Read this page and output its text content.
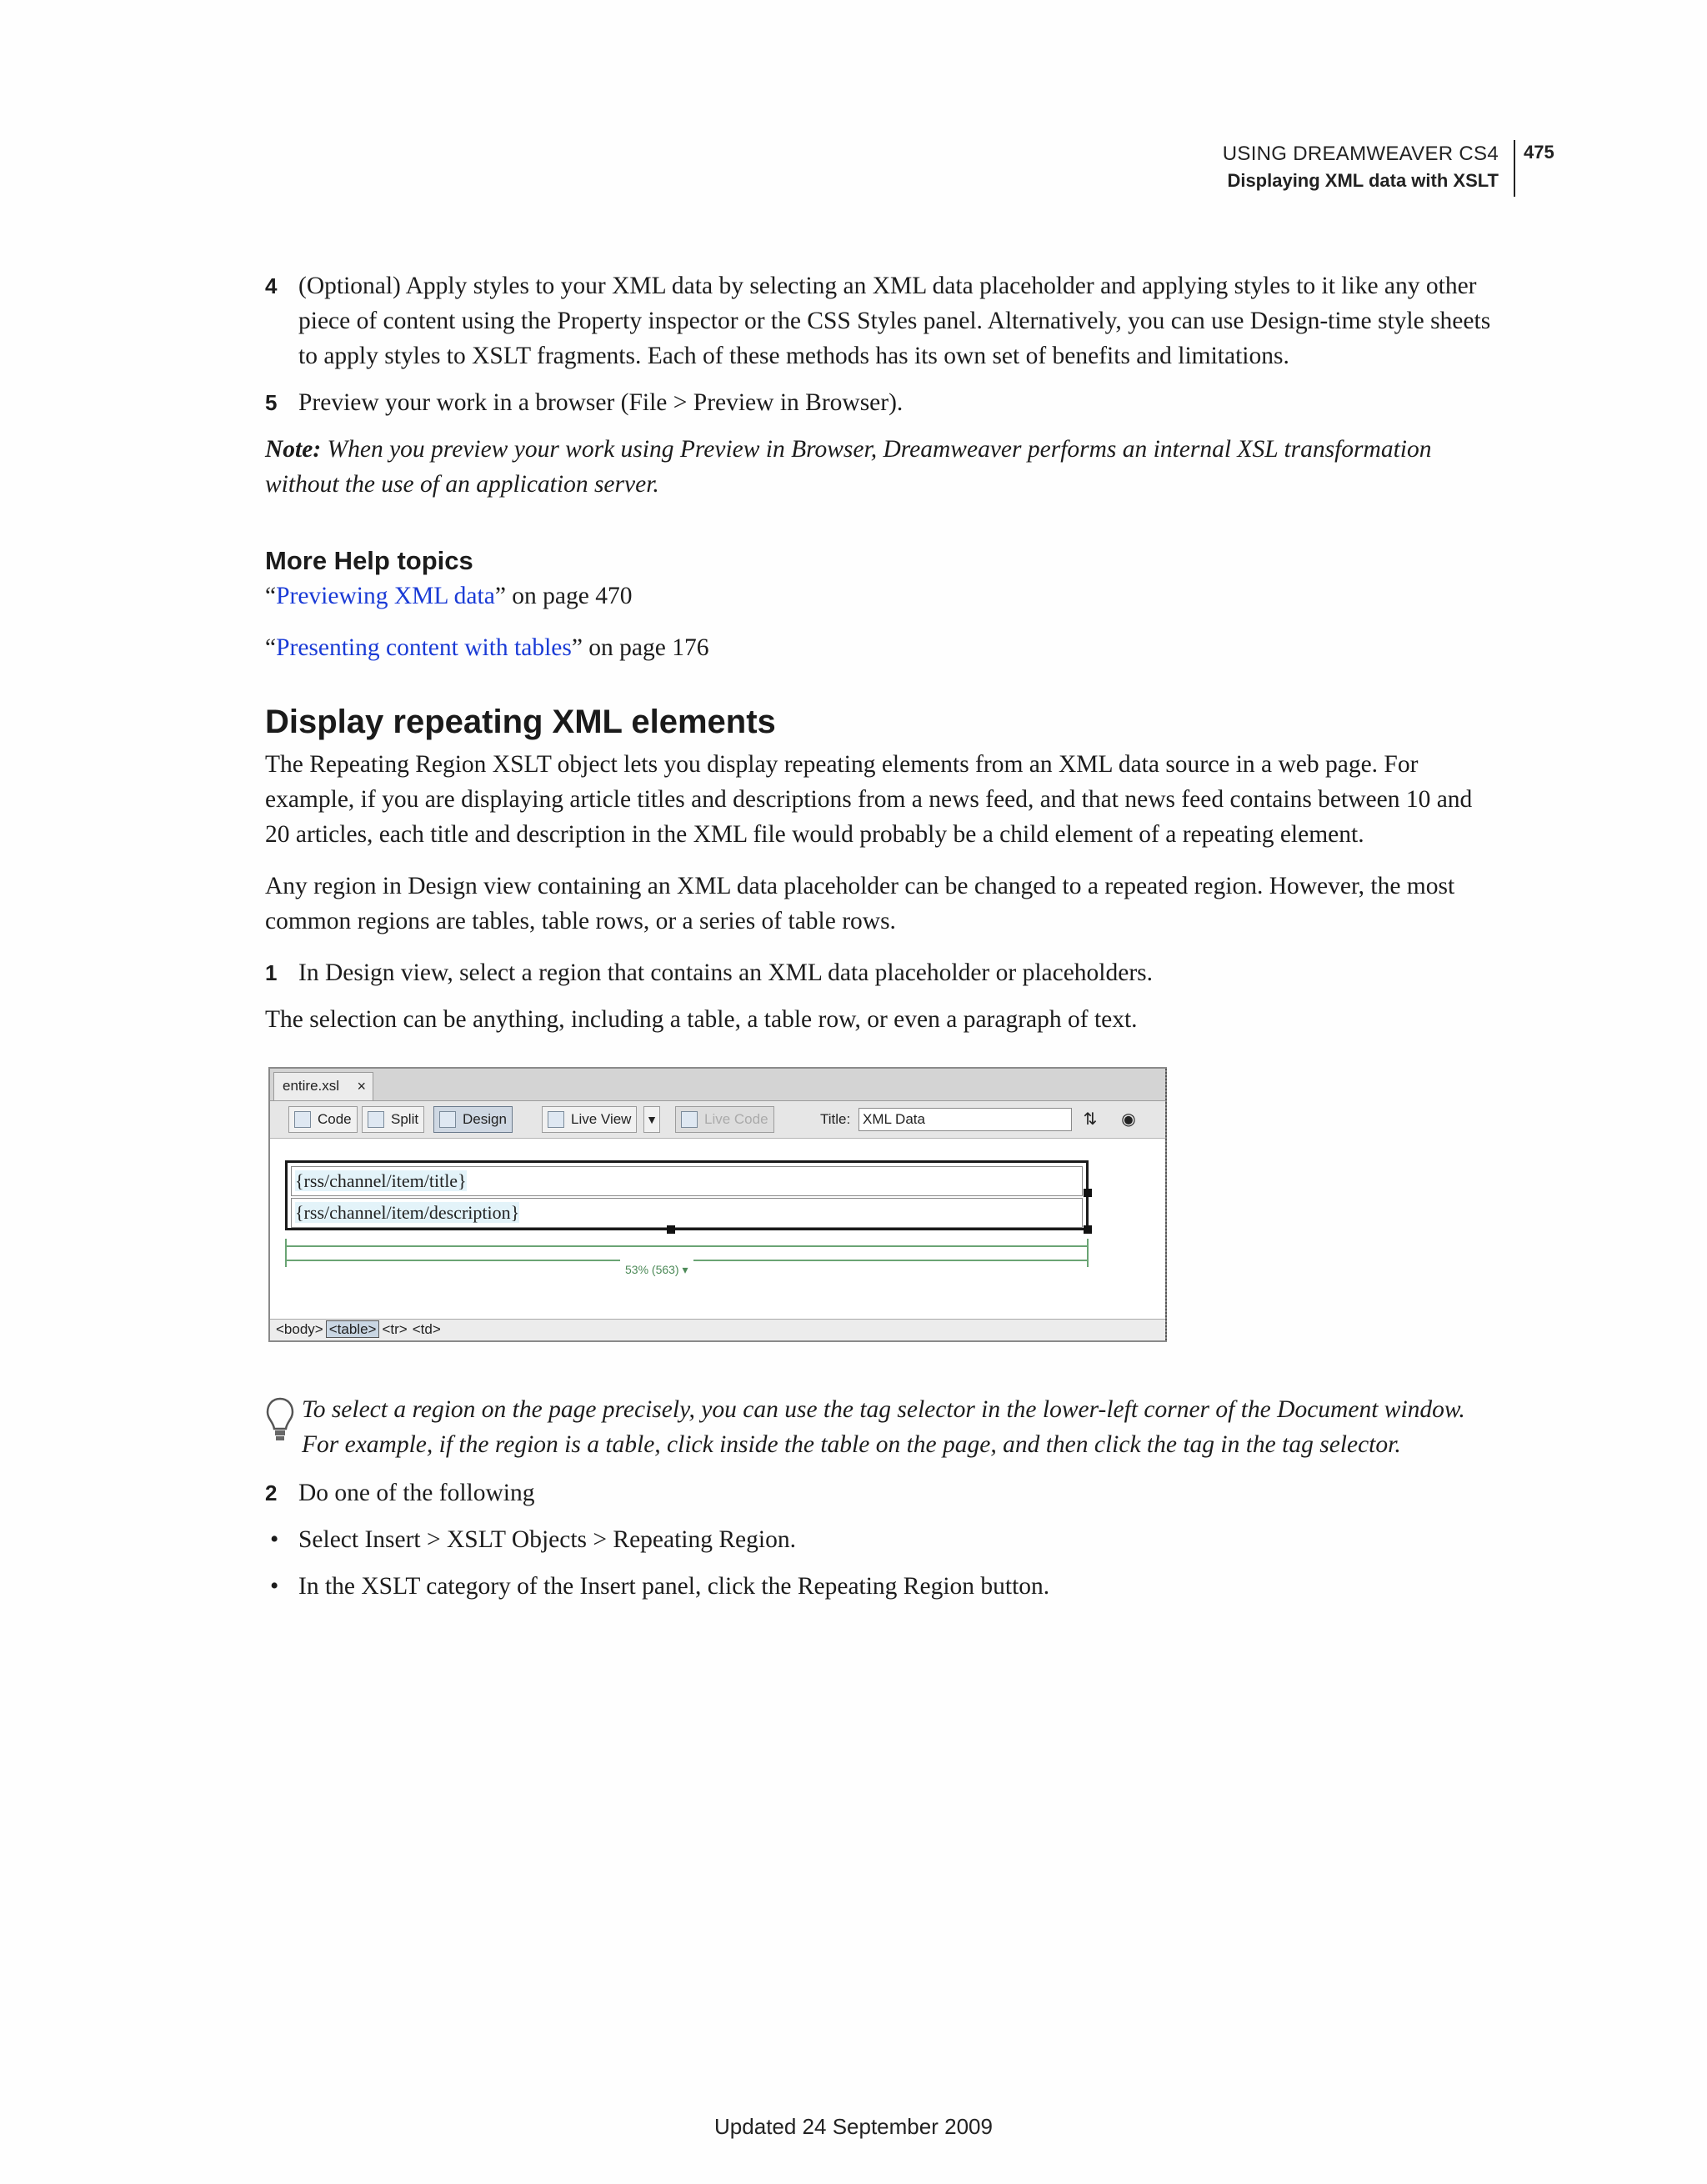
USING DREAMWEAVER CS4
Displaying XML data with XSLT
475
4 (Optional) Apply styles to your XML data by selecting an XML data placeholder and applying styles to it like any other piece of content using the Property inspector or the CSS Styles panel. Alternatively, you can use Design-time style sheets to apply styles to XSLT fragments. Each of these methods has its own set of benefits and limitations.
5 Preview your work in a browser (File > Preview in Browser).
Note: When you preview your work using Preview in Browser, Dreamweaver performs an internal XSL transformation without the use of an application server.
More Help topics
“Previewing XML data” on page 470
“Presenting content with tables” on page 176
Display repeating XML elements

The Repeating Region XSLT object lets you display repeating elements from an XML data source in a web page. For example, if you are displaying article titles and descriptions from a news feed, and that news feed contains between 10 and 20 articles, each title and description in the XML file would probably be a child element of a repeating element.

Any region in Design view containing an XML data placeholder can be changed to a repeated region. However, the most common regions are tables, table rows, or a series of table rows.

1 In Design view, select a region that contains an XML data placeholder or placeholders.

The selection can be anything, including a table, a table row, or even a paragraph of text.

entire.xsl ×
Code	Split	Design	Live View	▼	Live Code	Title: XML Data	⇅	◉
{rss/channel/item/title}
{rss/channel/item/description}
53% (563) ▾
<body> <table> <tr> <td>
To select a region on the page precisely, you can use the tag selector in the lower-left corner of the Document window. For example, if the region is a table, click inside the table on the page, and then click the tag in the tag selector.
2 Do one of the following
• Select Insert > XSLT Objects > Repeating Region.
• In the XSLT category of the Insert panel, click the Repeating Region button.
Updated 24 September 2009
